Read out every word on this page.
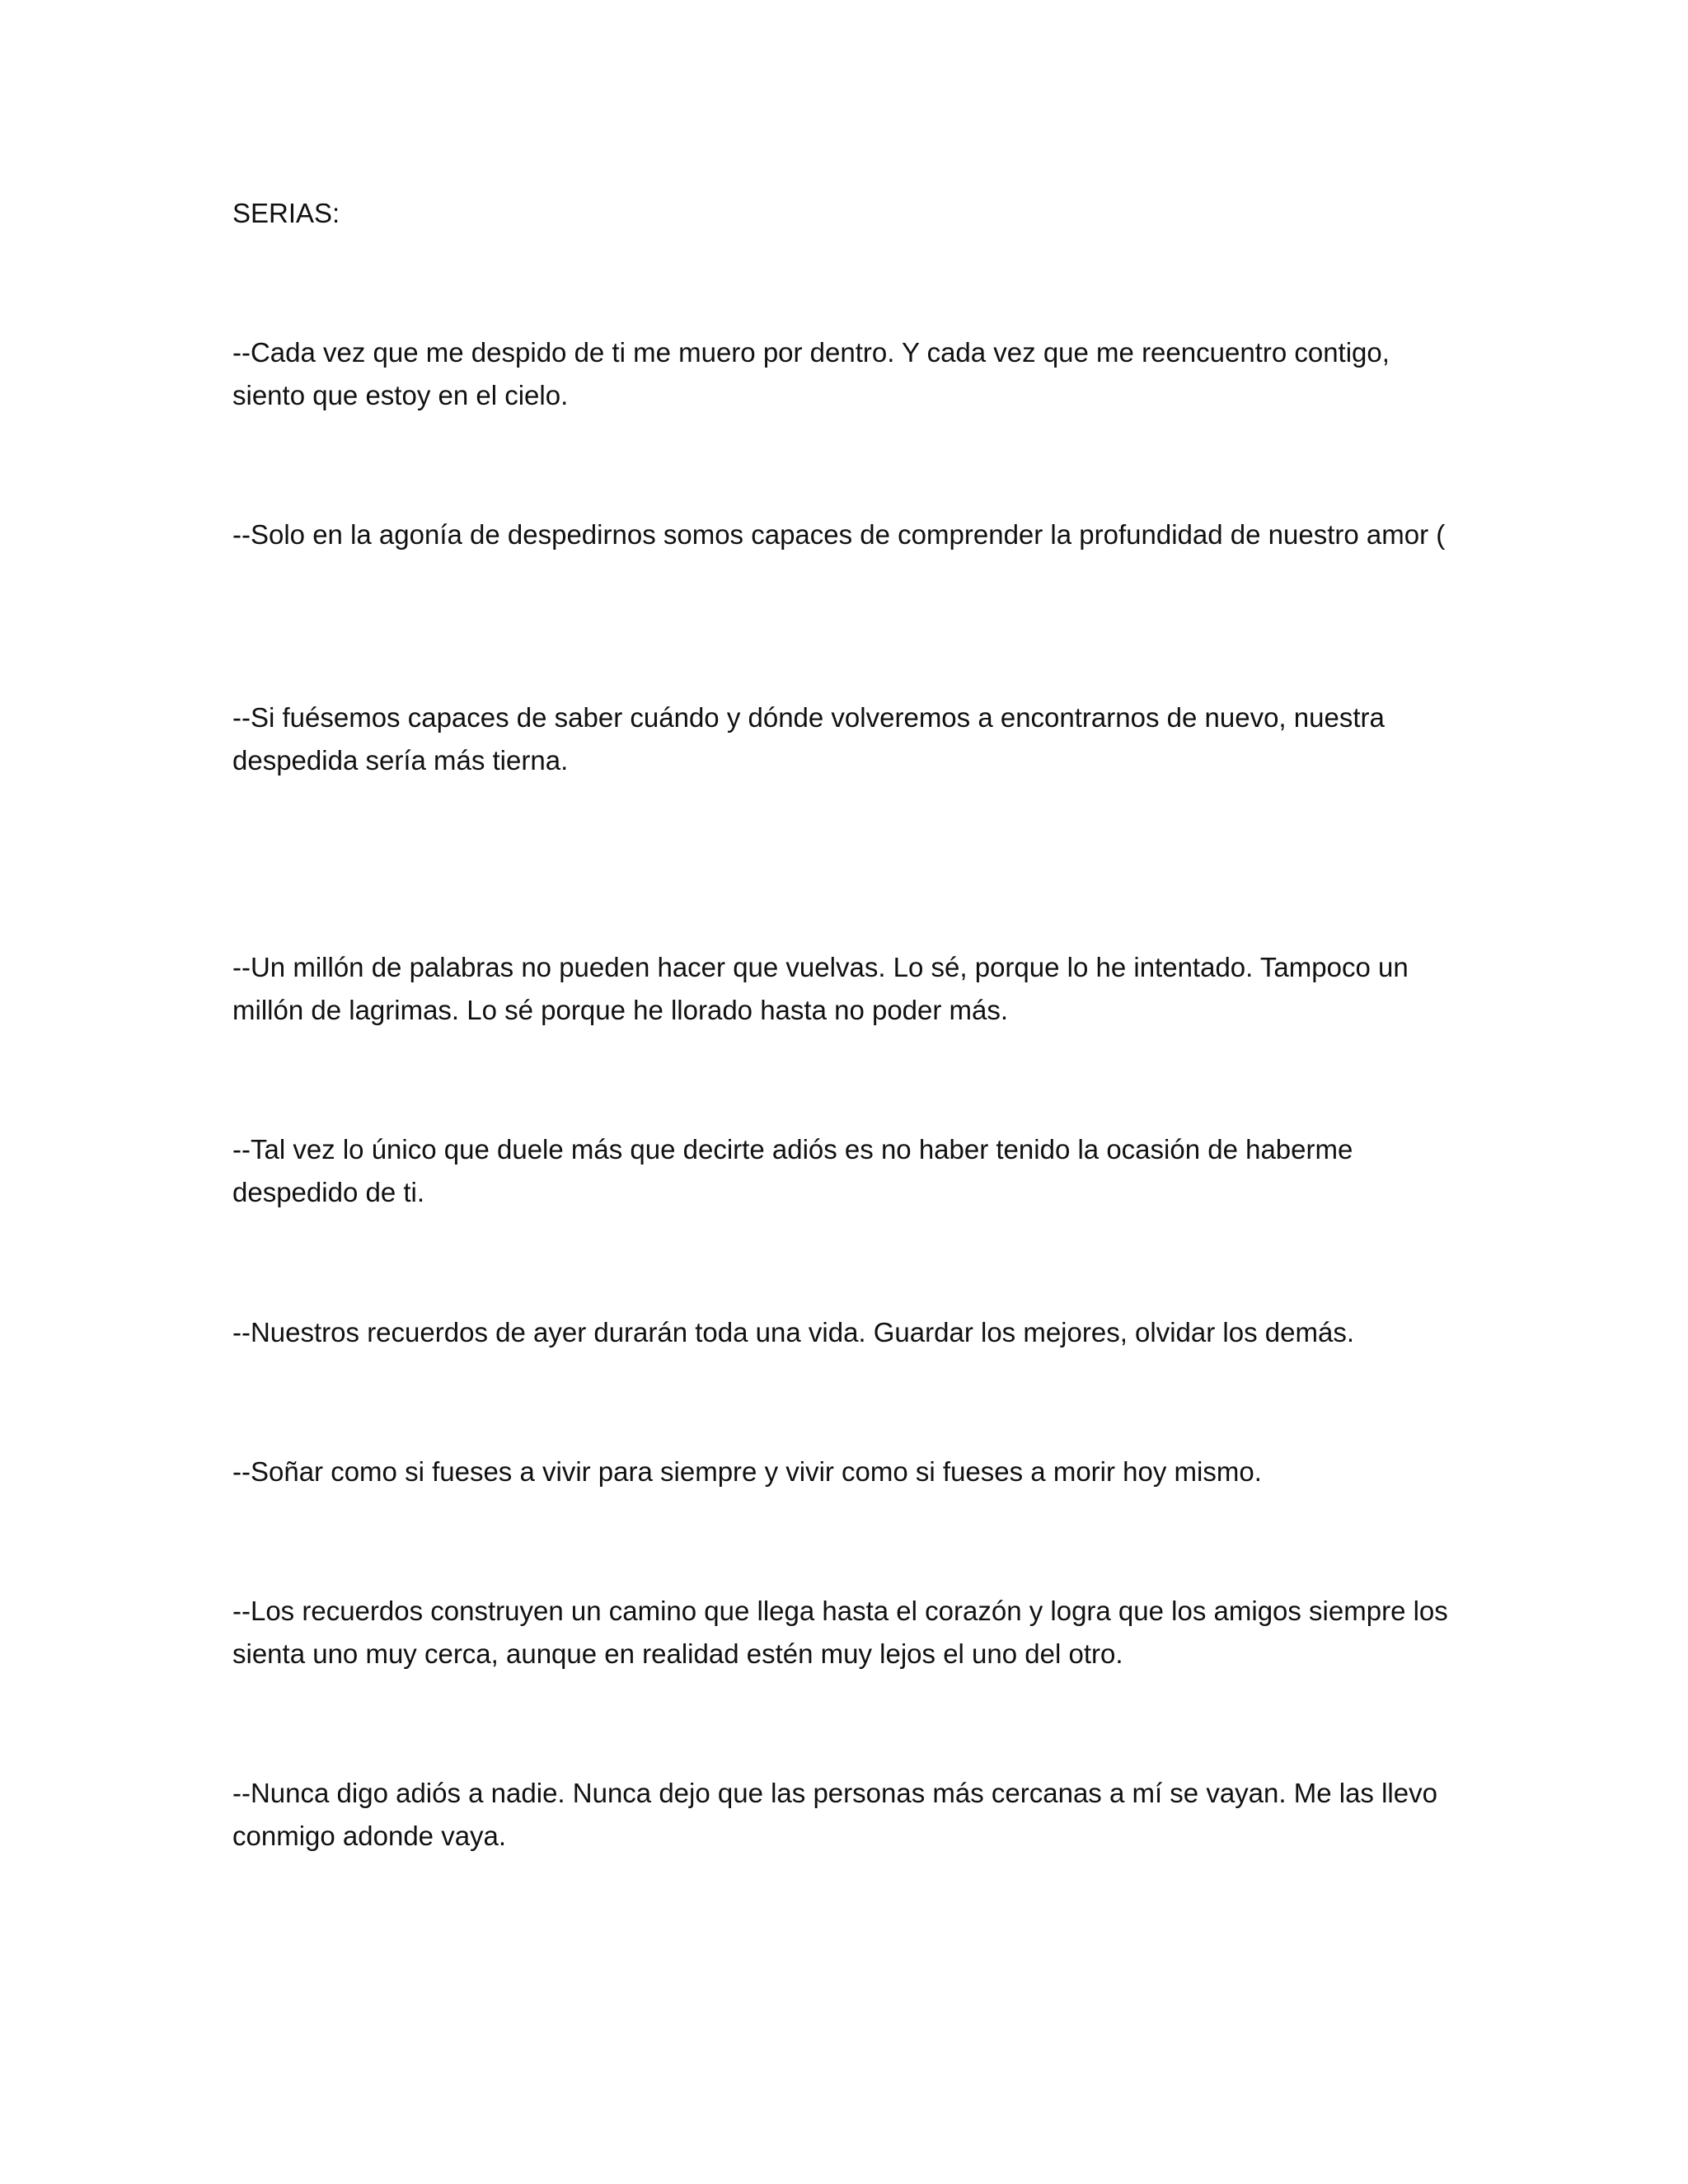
SERIAS:
--Cada vez que me despido de ti me muero por dentro. Y cada vez que me reencuentro contigo, siento que estoy en el cielo.
--Solo en la agonía de despedirnos somos capaces de comprender la profundidad de nuestro amor (
--Si fuésemos capaces de saber cuándo y dónde volveremos a encontrarnos de nuevo, nuestra despedida sería más tierna.
--Un millón de palabras no pueden hacer que vuelvas. Lo sé, porque lo he intentado. Tampoco un millón de lagrimas. Lo sé porque he llorado hasta no poder más.
--Tal vez lo único que duele más que decirte adiós es no haber tenido la ocasión de haberme despedido de ti.
--Nuestros recuerdos de ayer durarán toda una vida. Guardar los mejores, olvidar los demás.
--Soñar como si fueses a vivir para siempre y vivir como si fueses a morir hoy mismo.
--Los recuerdos construyen un camino que llega hasta el corazón y logra que los amigos siempre los sienta uno muy cerca, aunque en realidad estén muy lejos el uno del otro.
--Nunca digo adiós a nadie. Nunca dejo que las personas más cercanas a mí se vayan. Me las llevo conmigo adonde vaya.
